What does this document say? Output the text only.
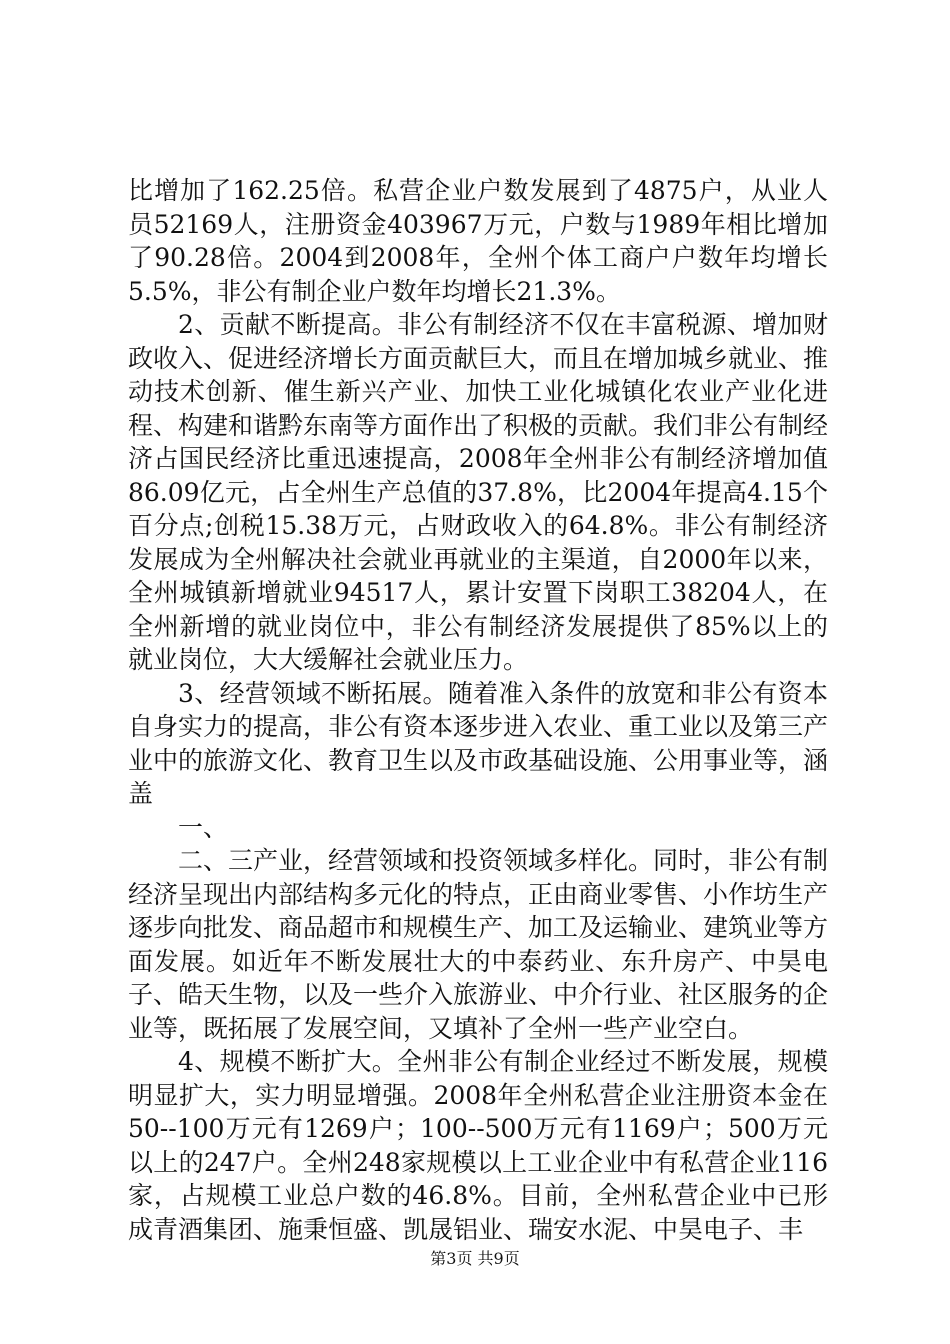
比增加了162.25倍。私营企业户数发展到了4875户，从业人员52169人，注册资金403967万元，户数与1989年相比增加了90.28倍。2004到2008年，全州个体工商户户数年均增长5.5%，非公有制企业户数年均增长21.3%。

2、贡献不断提高。非公有制经济不仅在丰富税源、增加财政收入、促进经济增长方面贡献巨大，而且在增加城乡就业、推动技术创新、催生新兴产业、加快工业化城镇化农业产业化进程、构建和谐黔东南等方面作出了积极的贡献。我们非公有制经济占国民经济比重迅速提高，2008年全州非公有制经济增加值86.09亿元，占全州生产总值的37.8%，比2004年提高4.15个百分点;创税15.38万元，占财政收入的64.8%。非公有制经济发展成为全州解决社会就业再就业的主渠道，自2000年以来，全州城镇新增就业94517人，累计安置下岗职工38204人，在全州新增的就业岗位中，非公有制经济发展提供了85%以上的就业岗位，大大缓解社会就业压力。

3、经营领域不断拓展。随着准入条件的放宽和非公有资本自身实力的提高，非公有资本逐步进入农业、重工业以及第三产业中的旅游文化、教育卫生以及市政基础设施、公用事业等，涵盖

一、

二、三产业，经营领域和投资领域多样化。同时，非公有制经济呈现出内部结构多元化的特点，正由商业零售、小作坊生产逐步向批发、商品超市和规模生产、加工及运输业、建筑业等方面发展。如近年不断发展壮大的中泰药业、东升房产、中昊电子、皓天生物，以及一些介入旅游业、中介行业、社区服务的企业等，既拓展了发展空间，又填补了全州一些产业空白。

4、规模不断扩大。全州非公有制企业经过不断发展，规模明显扩大，实力明显增强。2008年全州私营企业注册资本金在50--100万元有1269户；100--500万元有1169户；500万元以上的247户。全州248家规模以上工业企业中有私营企业116家，占规模工业总户数的46.8%。目前，全州私营企业中已形成青酒集团、施秉恒盛、凯晟铝业、瑞安水泥、中昊电子、丰

第3页 共9页
